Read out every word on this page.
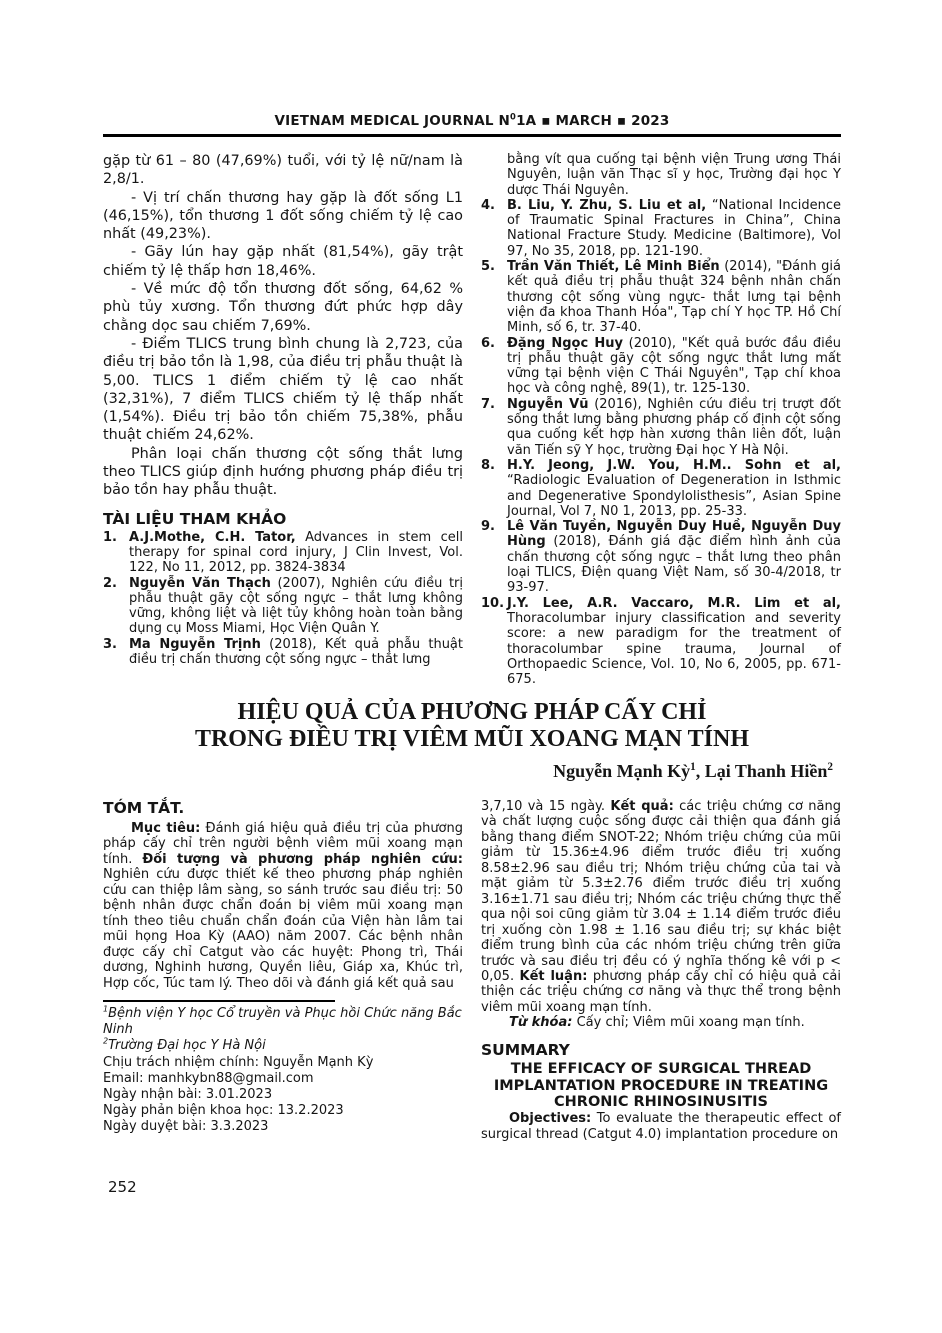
VIETNAM MEDICAL JOURNAL $N^01A$ ▪ MARCH ▪ 2023

gặp từ 61 – 80 (47,69%) tuổi, với tỷ lệ nữ/nam là 2,8/1.

- Vị trí chấn thương hay gặp là đốt sống L1 (46,15%), tổn thương 1 đốt sống chiếm tỷ lệ cao nhất (49,23%).

- Gãy lún hay gặp nhất (81,54%), gãy trật chiếm tỷ lệ thấp hơn 18,46%.

- Về mức độ tổn thương đốt sống, 64,62 % phù tủy xương. Tổn thương đứt phức hợp dây chằng dọc sau chiếm 7,69%.

- Điểm TLICS trung bình chung là 2,723, của điều trị bảo tồn là 1,98, của điều trị phẫu thuật là 5,00. TLICS 1 điểm chiếm tỷ lệ cao nhất (32,31%), 7 điểm TLICS chiếm tỷ lệ thấp nhất (1,54%). Điều trị bảo tồn chiếm 75,38%, phẫu thuật chiếm 24,62%.

Phân loại chấn thương cột sống thắt lưng theo TLICS giúp định hướng phương pháp điều trị bảo tồn hay phẫu thuật.

TÀI LIỆU THAM KHẢO
1. A.J.Mothe, C.H. Tator, Advances in stem cell therapy for spinal cord injury, J Clin Invest, Vol. 122, No 11, 2012, pp. 3824-3834
2. Nguyễn Văn Thạch (2007), Nghiên cứu điều trị phẫu thuật gãy cột sống ngực – thắt lưng không vững, không liệt và liệt tủy không hoàn toàn bằng dụng cụ Moss Miami, Học Viện Quân Y.
3. Ma Nguyễn Trịnh (2018), Kết quả phẫu thuật điều trị chấn thương cột sống ngực – thắt lưng
bằng vít qua cuống tại bệnh viện Trung ương Thái Nguyên, luận văn Thạc sĩ y học, Trường đại học Y dược Thái Nguyên.
4. B. Liu, Y. Zhu, S. Liu et al, “National Incidence of Traumatic Spinal Fractures in China”, China National Fracture Study. Medicine (Baltimore), Vol 97, No 35, 2018, pp. 121-190.
5. Trần Văn Thiết, Lê Minh Biển (2014), "Đánh giá kết quả điều trị phẫu thuật 324 bệnh nhân chấn thương cột sống vùng ngực- thắt lưng tại bệnh viện đa khoa Thanh Hóa", Tạp chí Y học TP. Hồ Chí Minh, số 6, tr. 37-40.
6. Đặng Ngọc Huy (2010), "Kết quả bước đầu điều trị phẫu thuật gãy cột sống ngực thắt lưng mất vững tại bệnh viện C Thái Nguyên", Tạp chí khoa học và công nghệ, 89(1), tr. 125-130.
7. Nguyễn Vũ (2016), Nghiên cứu điều trị trượt đốt sống thắt lưng bằng phương pháp cố định cột sống qua cuống kết hợp hàn xương thân liên đốt, luận văn Tiến sỹ Y học, trường Đại học Y Hà Nội.
8. H.Y. Jeong, J.W. You, H.M.. Sohn et al, “Radiologic Evaluation of Degeneration in Isthmic and Degenerative Spondylolisthesis”, Asian Spine Journal, Vol 7, N0 1, 2013, pp. 25-33.
9. Lê Văn Tuyền, Nguyễn Duy Huề, Nguyễn Duy Hùng (2018), Đánh giá đặc điểm hình ảnh của chấn thương cột sống ngực – thắt lưng theo phân loại TLICS, Điện quang Việt Nam, số 30-4/2018, tr 93-97.
10. J.Y. Lee, A.R. Vaccaro, M.R. Lim et al, Thoracolumbar injury classification and severity score: a new paradigm for the treatment of thoracolumbar spine trauma, Journal of Orthopaedic Science, Vol. 10, No 6, 2005, pp. 671-675.
HIỆU QUẢ CỦA PHƯƠNG PHÁP CẤY CHỈ
TRONG ĐIỀU TRỊ VIÊM MŨI XOANG MẠN TÍNH
Nguyễn Mạnh Kỳ$^1$, Lại Thanh Hiền$^2$
TÓM TẮT.

Mục tiêu: Đánh giá hiệu quả điều trị của phương pháp cấy chỉ trên người bệnh viêm mũi xoang mạn tính. Đối tượng và phương pháp nghiên cứu: Nghiên cứu được thiết kế theo phương pháp nghiên cứu can thiệp lâm sàng, so sánh trước sau điều trị: 50 bệnh nhân được chẩn đoán bị viêm mũi xoang mạn tính theo tiêu chuẩn chẩn đoán của Viện hàn lâm tai mũi họng Hoa Kỳ (AAO) năm 2007. Các bệnh nhân được cấy chỉ Catgut vào các huyệt: Phong trì, Thái dương, Nghinh hương, Quyền liêu, Giáp xa, Khúc trì, Hợp cốc, Túc tam lý. Theo dõi và đánh giá kết quả sau

$^1$Bệnh viện Y học Cổ truyền và Phục hồi Chức năng Bắc Ninh
$^2$Trường Đại học Y Hà Nội
Chịu trách nhiệm chính: Nguyễn Mạnh Kỳ
Email: manhkybn88@gmail.com
Ngày nhận bài: 3.01.2023
Ngày phản biện khoa học: 13.2.2023
Ngày duyệt bài: 3.3.2023

3,7,10 và 15 ngày. Kết quả: các triệu chứng cơ năng và chất lượng cuộc sống được cải thiện qua đánh giá bằng thang điểm SNOT-22; Nhóm triệu chứng của mũi giảm từ 15.36±4.96 điểm trước điều trị xuống 8.58±2.96 sau điều trị; Nhóm triệu chứng của tai và mặt giảm từ 5.3±2.76 điểm trước điều trị xuống 3.16±1.71 sau điều trị; Nhóm các triệu chứng thực thể qua nội soi cũng giảm từ 3.04 ± 1.14 điểm trước điều trị xuống còn 1.98 ± 1.16 sau điều trị; sự khác biệt điểm trung bình của các nhóm triệu chứng trên giữa trước và sau điều trị đều có ý nghĩa thống kê với p < 0,05. Kết luận: phương pháp cấy chỉ có hiệu quả cải thiện các triệu chứng cơ năng và thực thể trong bệnh viêm mũi xoang mạn tính.

Từ khóa: Cấy chỉ; Viêm mũi xoang mạn tính.

SUMMARY
THE EFFICACY OF SURGICAL THREAD IMPLANTATION PROCEDURE IN TREATING CHRONIC RHINOSINUSITIS

Objectives: To evaluate the therapeutic effect of surgical thread (Catgut 4.0) implantation procedure on

252
